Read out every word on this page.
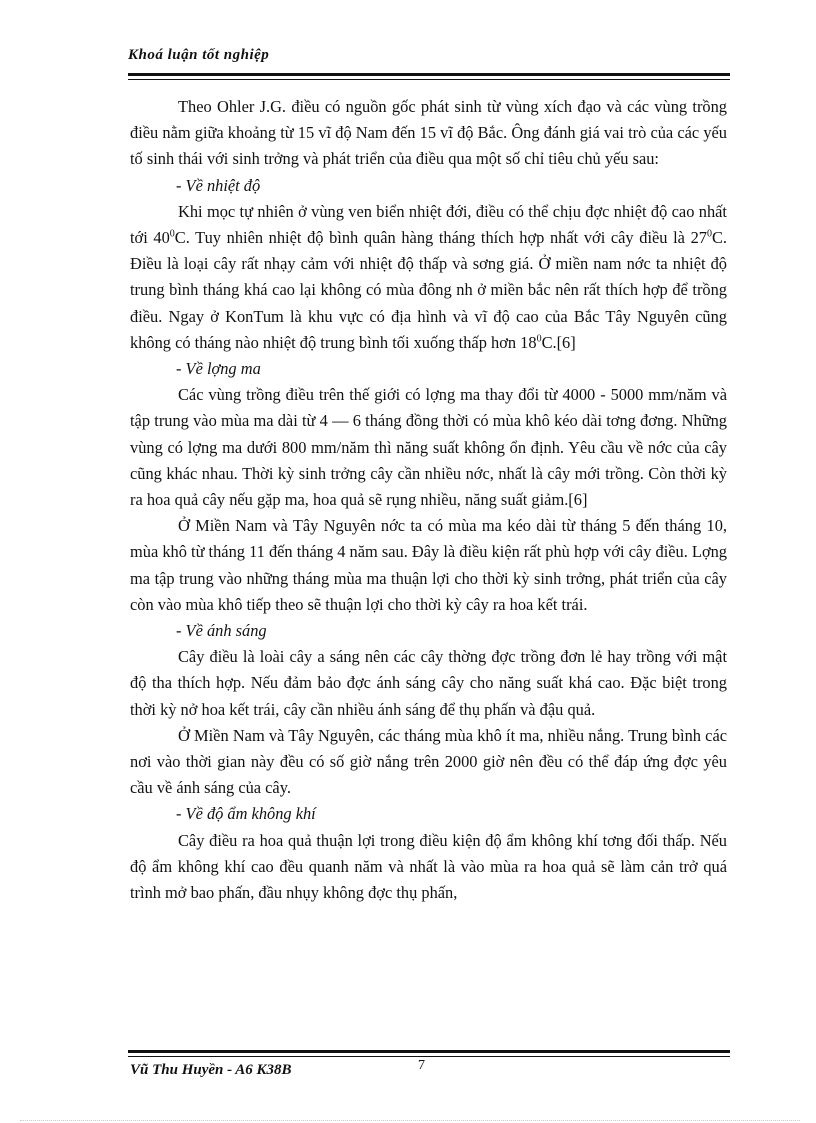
Khoá luận tốt nghiệp

Theo Ohler J.G. điều có nguồn gốc phát sinh từ vùng xích đạo và các vùng trồng điều nằm giữa khoảng từ 15 vĩ độ Nam đến 15 vĩ độ Bắc. Ông đánh giá vai trò của các yếu tố sinh thái với sinh trởng và phát triển của điều qua một số chỉ tiêu chủ yếu sau:

- Về nhiệt độ

Khi mọc tự nhiên ở vùng ven biển nhiệt đới, điều có thể chịu đợc nhiệt độ cao nhất tới $40^0C$. Tuy nhiên nhiệt độ bình quân hàng tháng thích hợp nhất với cây điều là $27^0C$. Điều là loại cây rất nhạy cảm với nhiệt độ thấp và sơng giá. Ở miền nam nớc ta nhiệt độ trung bình tháng khá cao lại không có mùa đông nh ở miền bắc nên rất thích hợp để trồng điều. Ngay ở KonTum là khu vực có địa hình và vĩ độ cao của Bắc Tây Nguyên cũng không có tháng nào nhiệt độ trung bình tối xuống thấp hơn $18^0C.[6]$

- Về lợng ma

Các vùng trồng điều trên thế giới có lợng ma thay đổi từ 4000 - 5000 mm/năm và tập trung vào mùa ma dài từ 4 — 6 tháng đồng thời có mùa khô kéo dài tơng đơng. Những vùng có lợng ma dưới 800 mm/năm thì năng suất không ổn định. Yêu cầu về nớc của cây cũng khác nhau. Thời kỳ sinh trởng cây cần nhiều nớc, nhất là cây mới trồng. Còn thời kỳ ra hoa quả cây nếu gặp ma, hoa quả sẽ rụng nhiều, năng suất giảm.[6]

Ở Miền Nam và Tây Nguyên nớc ta có mùa ma kéo dài từ tháng 5 đến tháng 10, mùa khô từ tháng 11 đến tháng 4 năm sau. Đây là điều kiện rất phù hợp với cây điều. Lợng ma tập trung vào những tháng mùa ma thuận lợi cho thời kỳ sinh trởng, phát triển của cây còn vào mùa khô tiếp theo sẽ thuận lợi cho thời kỳ cây ra hoa kết trái.

- Về ánh sáng

Cây điều là loài cây a sáng nên các cây thờng đợc trồng đơn lẻ hay trồng với mật độ tha thích hợp. Nếu đảm bảo đợc ánh sáng cây cho năng suất khá cao. Đặc biệt trong thời kỳ nở hoa kết trái, cây cần nhiều ánh sáng để thụ phấn và đậu quả.

Ở Miền Nam và Tây Nguyên, các tháng mùa khô ít ma, nhiều nắng. Trung bình các nơi vào thời gian này đều có số giờ nắng trên 2000 giờ nên đều có thể đáp ứng đợc yêu cầu về ánh sáng của cây.

- Về độ ẩm không khí

Cây điều ra hoa quả thuận lợi trong điều kiện độ ẩm không khí tơng đối thấp. Nếu độ ẩm không khí cao đều quanh năm và nhất là vào mùa ra hoa quả sẽ làm cản trở quá trình mở bao phấn, đầu nhụy không đợc thụ phấn,

Vũ Thu Huyền - A6 K38B	7
